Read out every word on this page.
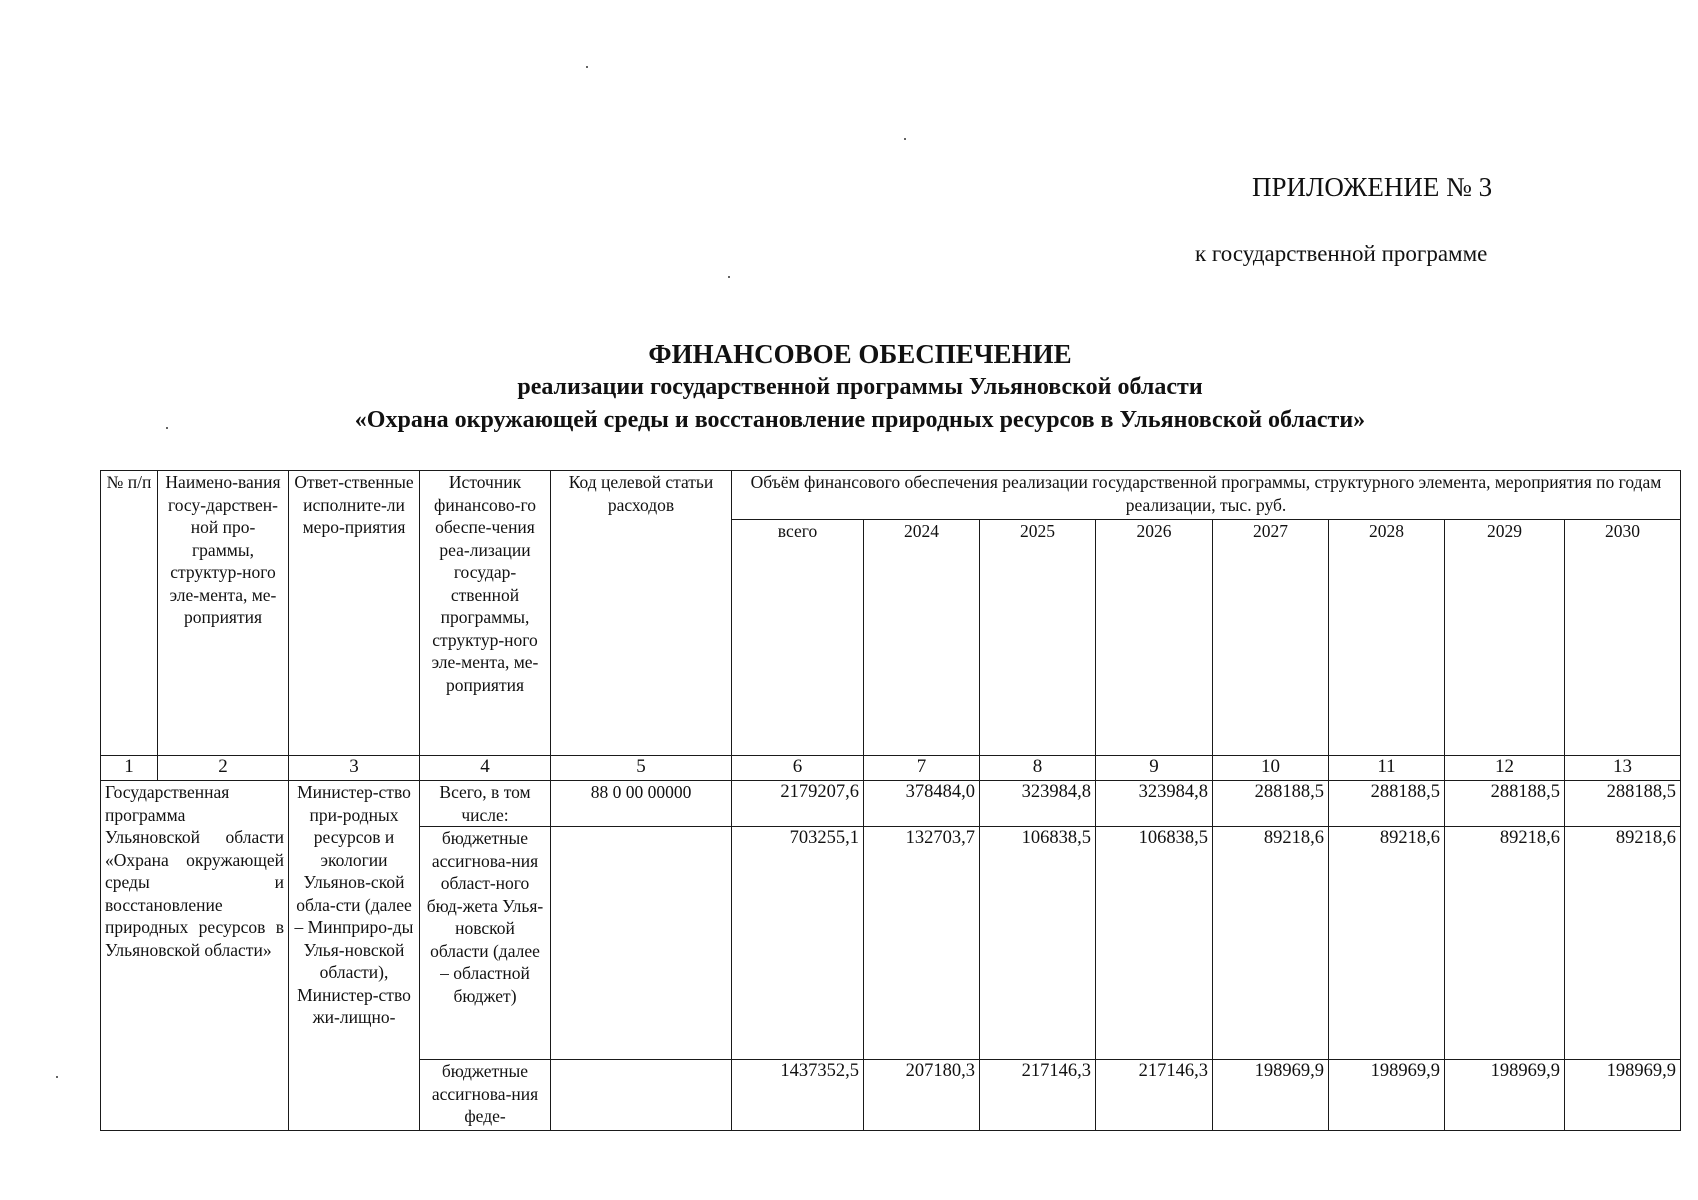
ПРИЛОЖЕНИЕ № 3
к государственной программе
ФИНАНСОВОЕ ОБЕСПЕЧЕНИЕ
реализации государственной программы Ульяновской области
«Охрана окружающей среды и восстановление природных ресурсов в Ульяновской области»
№ п/п	Наимено-вания госу-дарствен-ной про-граммы, структур-ного эле-мента, ме-роприятия	Ответ-ственные исполните-ли меро-приятия	Источник финансово-го обеспе-чения реа-лизации государ-ственной программы, структур-ного эле-мента, ме-роприятия	Код целевой статьи расходов	Объём финансового обеспечения реализации государственной программы, структурного элемента, мероприятия по годам реализации, тыс. руб.							
					всего	2024	2025	2026	2027	2028	2029	2030
1	2	3	4	5	6	7	8	9	10	11	12	13
Государственная программа Ульяновской области «Охрана окружающей среды и восстановление природных ресурсов в Ульяновской области»		Министер-ство при-родных ресурсов и экологии Ульянов-ской обла-сти (далее – Минприро-ды Улья-новской области), Министер-ство жи-лищно-	Всего, в том числе:	88 0 00 00000	2179207,6	378484,0	323984,8	323984,8	288188,5	288188,5	288188,5	288188,5
			бюджетные ассигнова-ния област-ного бюд-жета Улья-новской области (далее – областной бюджет)		703255,1	132703,7	106838,5	106838,5	89218,6	89218,6	89218,6	89218,6
			бюджетные ассигнова-ния феде-		1437352,5	207180,3	217146,3	217146,3	198969,9	198969,9	198969,9	198969,9
